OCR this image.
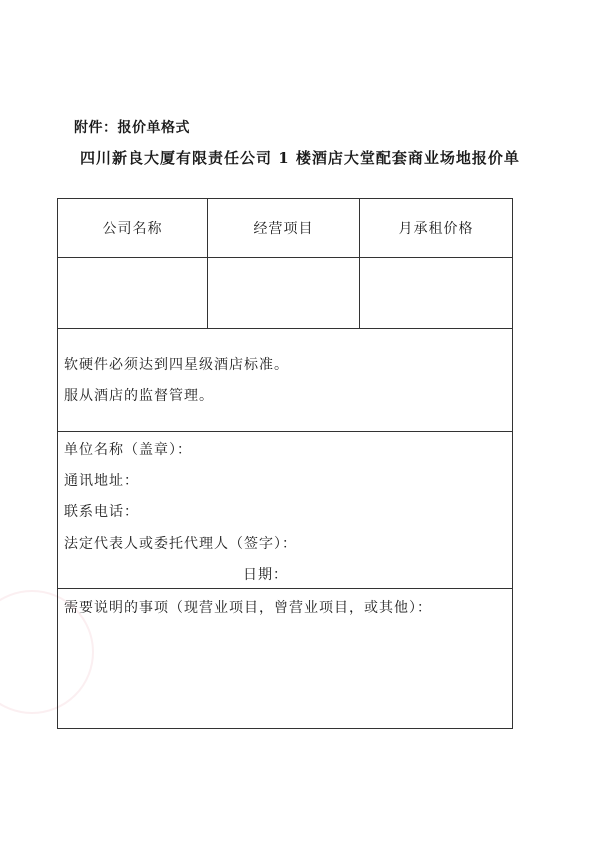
附件：报价单格式
四川新良大厦有限责任公司 1 楼酒店大堂配套商业场地报价单
公司名称	经营项目	月承租价格
软硬件必须达到四星级酒店标准。
服从酒店的监督管理。
单位名称（盖章）：
通讯地址：
联系电话：
法定代表人或委托代理人（签字）：
日期：
需要说明的事项（现营业项目，曾营业项目，或其他）：
